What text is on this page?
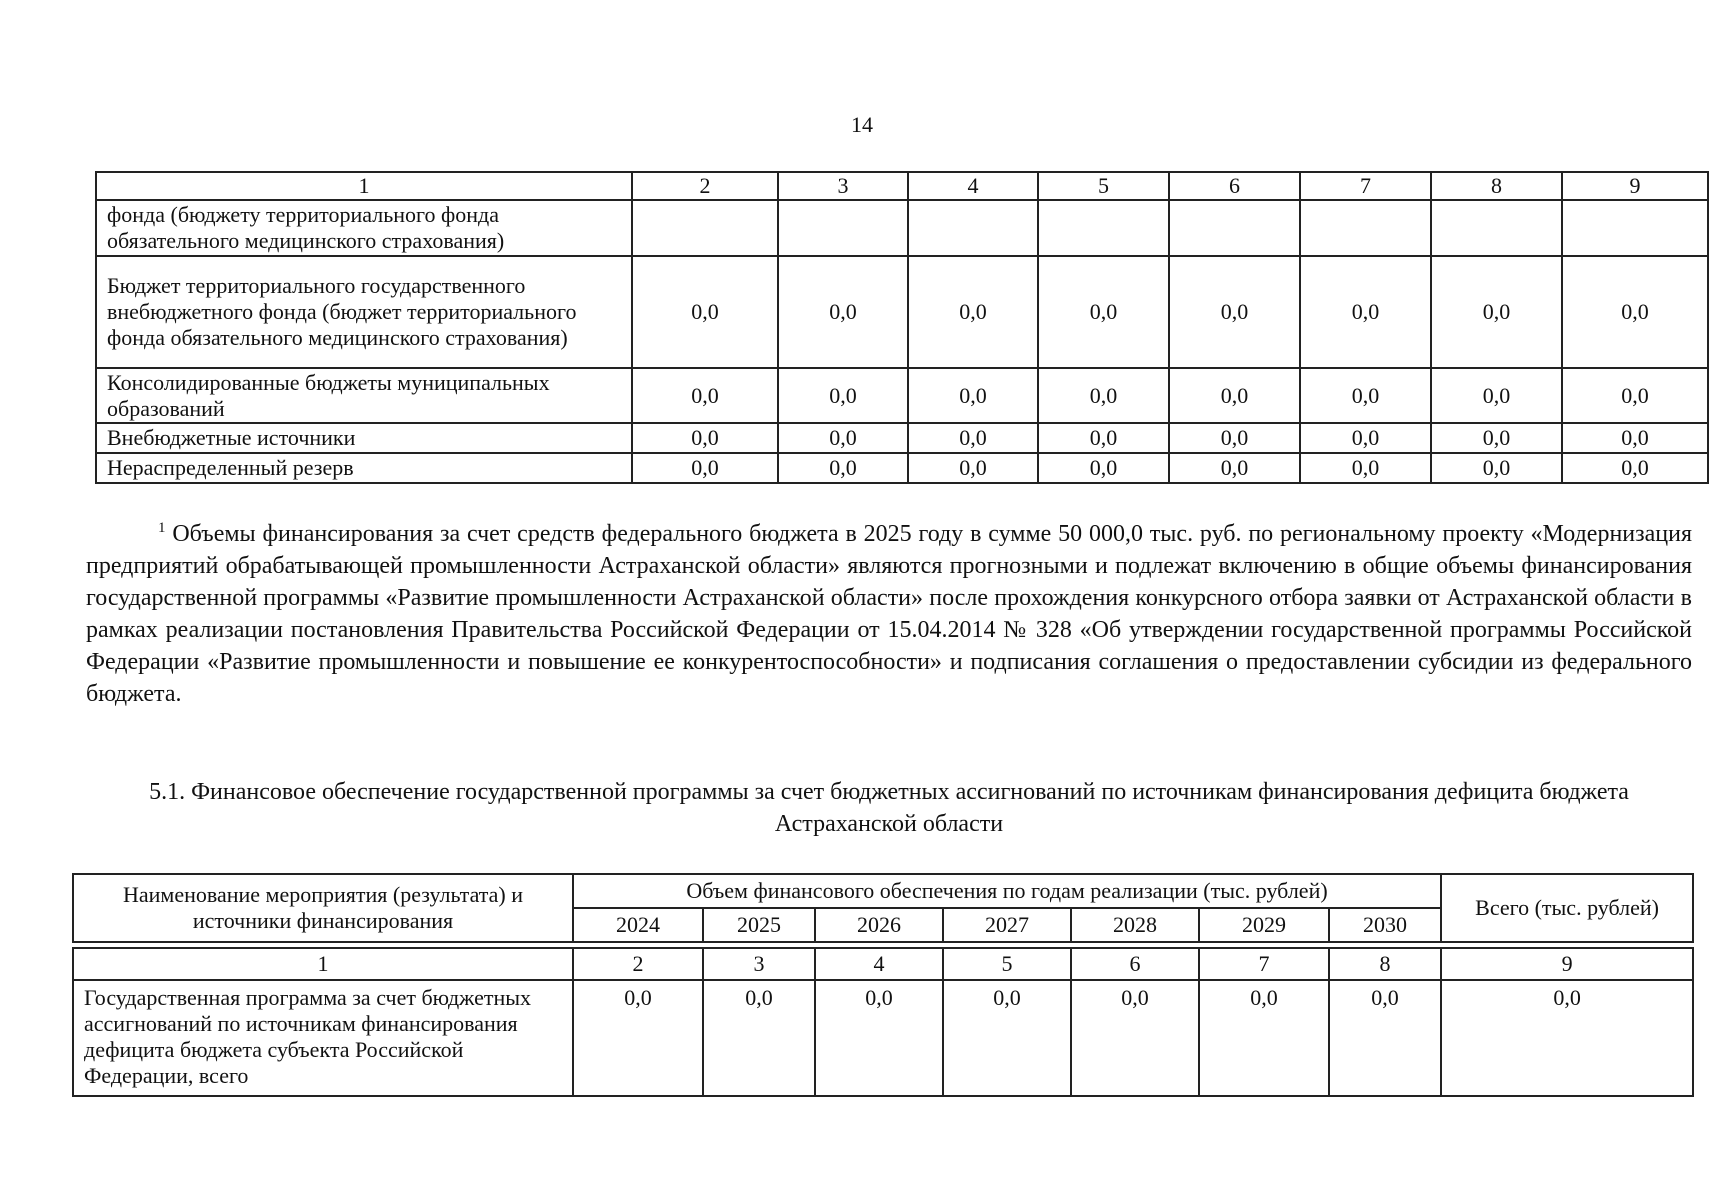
14
1	2	3	4	5	6	7	8	9
фонда (бюджету территориального фонда обязательного медицинского страхования)								
Бюджет территориального государственного внебюджетного фонда (бюджет территориального фонда обязательного медицинского страхования)	0,0	0,0	0,0	0,0	0,0	0,0	0,0	0,0
Консолидированные бюджеты муниципальных образований	0,0	0,0	0,0	0,0	0,0	0,0	0,0	0,0
Внебюджетные источники	0,0	0,0	0,0	0,0	0,0	0,0	0,0	0,0
Нераспределенный резерв	0,0	0,0	0,0	0,0	0,0	0,0	0,0	0,0
$^1$ Объемы финансирования за счет средств федерального бюджета в 2025 году в сумме 50 000,0 тыс. руб. по региональному проекту «Модернизация предприятий обрабатывающей промышленности Астраханской области» являются прогнозными и подлежат включению в общие объемы финансирования государственной программы «Развитие промышленности Астраханской области» после прохождения конкурсного отбора заявки от Астраханской области в рамках реализации постановления Правительства Российской Федерации от 15.04.2014 № 328 «Об утверждении государственной программы Российской Федерации «Развитие промышленности и повышение ее конкурентоспособности» и подписания соглашения о предоставлении субсидии из федерального бюджета.
5.1. Финансовое обеспечение государственной программы за счет бюджетных ассигнований по источникам финансирования дефицита бюджета Астраханской области
Наименование мероприятия (результата) и источники финансирования	Объем финансового обеспечения по годам реализации (тыс. рублей)							Всего (тыс. рублей)
	2024	2025	2026	2027	2028	2029	2030	

1	2	3	4	5	6	7	8	9
Государственная программа за счет бюджетных ассигнований по источникам финансирования дефицита бюджета субъекта Российской Федерации, всего	0,0	0,0	0,0	0,0	0,0	0,0	0,0	0,0
